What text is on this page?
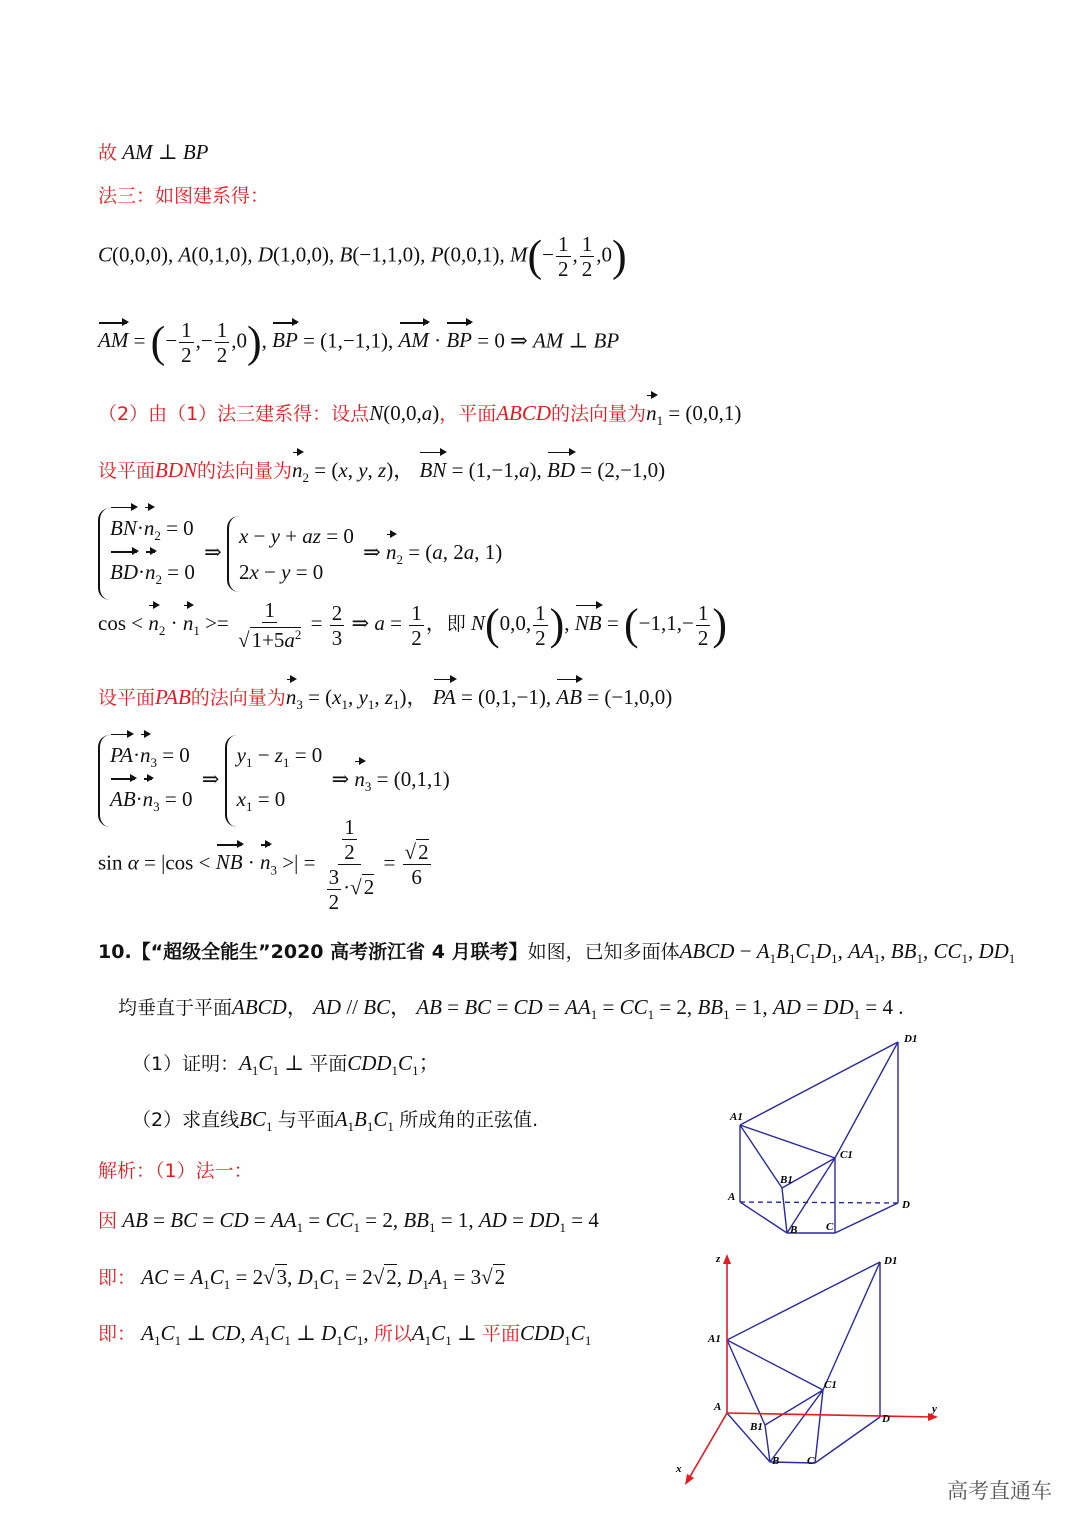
故 AM ⊥ BP
法三：如图建系得：
C(0,0,0), A(0,1,0), D(1,0,0), B(−1,1,0), P(0,0,1), $M(- \frac{1}{2}$ , $\frac{1}{2} ,0$)
AM = (− $\frac{1}{2}$ ,− $\frac{1}{2} ,0$), BP = (1,−1,1), AM · BP = 0 ⇒ AM ⊥ BP
（2）由（1）法三建系得：设点N(0,0,a)，平面ABCD的法向量为$n_1 = (0,0,1)$
设平面BDN的法向量为$n_2 = (x$, y, z)， BN = (1,−1,a), BD = (2,−1,0)
$BN\cdot n_2 = 0$
$BD\cdot n_2 = 0$ ⇒ x − y + az = 0
2x − y = 0 ⇒ $n_2 = (a$, 2a, 1)
$\cos < n_2 \cdot n_1 >= \frac{1}{√1+5a^2} = \frac{2}{3}$ ⇒ $a = \frac{1}{2}$ ，即 N(0,0, $\frac{1}{2}$ ), NB = ($-1,1,- \frac{1}{2}$ )
设平面PAB的法向量为$n_3 = (x_1$, $y_1$, $z_1$)， PA = (0,1,−1), AB = (−1,0,0)
$PA\cdot n_3 = 0$
$AB\cdot n_3 = 0$ ⇒ $y_1 - z_1 = 0$
$x_1 = 0$ ⇒ $n_3 = (0,1,1)$
sin α = |cos < NB · $n_3$ >| = $\frac{\frac{1}{2}}{\frac{3}{2} \cdot√2} = \frac{√2}{6}$
10.【“超级全能生”2020 高考浙江省 4 月联考】如图，已知多面体ABCD − $A_1B_1C_1D_1$, $AA_1$, $BB_1$, $CC_1$, $DD_1$
均垂直于平面ABCD， AD // BC， AB = BC = CD = $AA_1 = CC_1 = 2$, $BB_1 = 1$, AD = $DD_1 = 4$ .
（1）证明：$A_1C_1$ ⊥ 平面$CDD_1C_1$；
（2）求直线$BC_1$ 与平面$A_1B_1C_1$ 所成角的正弦值.
解析：（1）法一：
因 AB = BC = CD = $AA_1 = CC_1 = 2$, $BB_1 = 1$, AD = $DD_1 = 4$
即： AC = $A_1C_1 = 2√3$, $D_1C_1 = 2√2$, $D_1A_1 = 3√2$
即： $A_1C_1$ ⊥ CD, $A_1C_1$ ⊥ $D_1C_1$, 所以$A_1C_1$ ⊥ 平面$CDD_1C_1$
D1
A1
C1
B1
A
D
B	C
z	D1
A1
C1
A
B1
D
y
B	C
x
高考直通车
